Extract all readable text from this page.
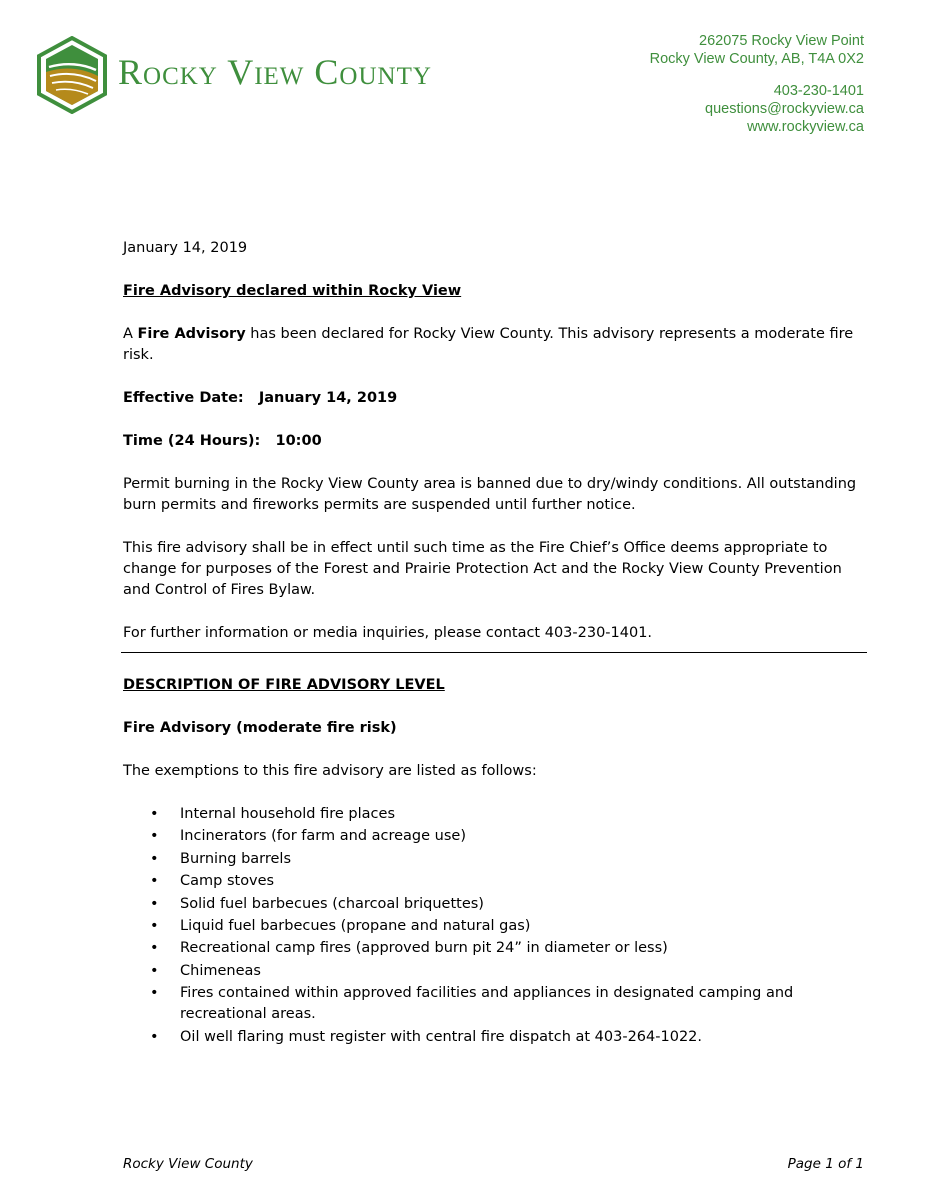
Rocky View County
262075 Rocky View Point
Rocky View County, AB, T4A 0X2
403-230-1401
questions@rockyview.ca
www.rockyview.ca

January 14, 2019

Fire Advisory declared within Rocky View

A Fire Advisory has been declared for Rocky View County. This advisory represents a moderate fire risk.

Effective Date: January 14, 2019

Time (24 Hours): 10:00

Permit burning in the Rocky View County area is banned due to dry/windy conditions. All outstanding burn permits and fireworks permits are suspended until further notice.

This fire advisory shall be in effect until such time as the Fire Chief’s Office deems appropriate to change for purposes of the Forest and Prairie Protection Act and the Rocky View County Prevention and Control of Fires Bylaw.

For further information or media inquiries, please contact 403-230-1401.

DESCRIPTION OF FIRE ADVISORY LEVEL

Fire Advisory (moderate fire risk)

The exemptions to this fire advisory are listed as follows:

• Internal household fire places
• Incinerators (for farm and acreage use)
• Burning barrels
• Camp stoves
• Solid fuel barbecues (charcoal briquettes)
• Liquid fuel barbecues (propane and natural gas)
• Recreational camp fires (approved burn pit 24” in diameter or less)
• Chimeneas
• Fires contained within approved facilities and appliances in designated camping and recreational areas.
• Oil well flaring must register with central fire dispatch at 403-264-1022.
Rocky View County	Page 1 of 1
